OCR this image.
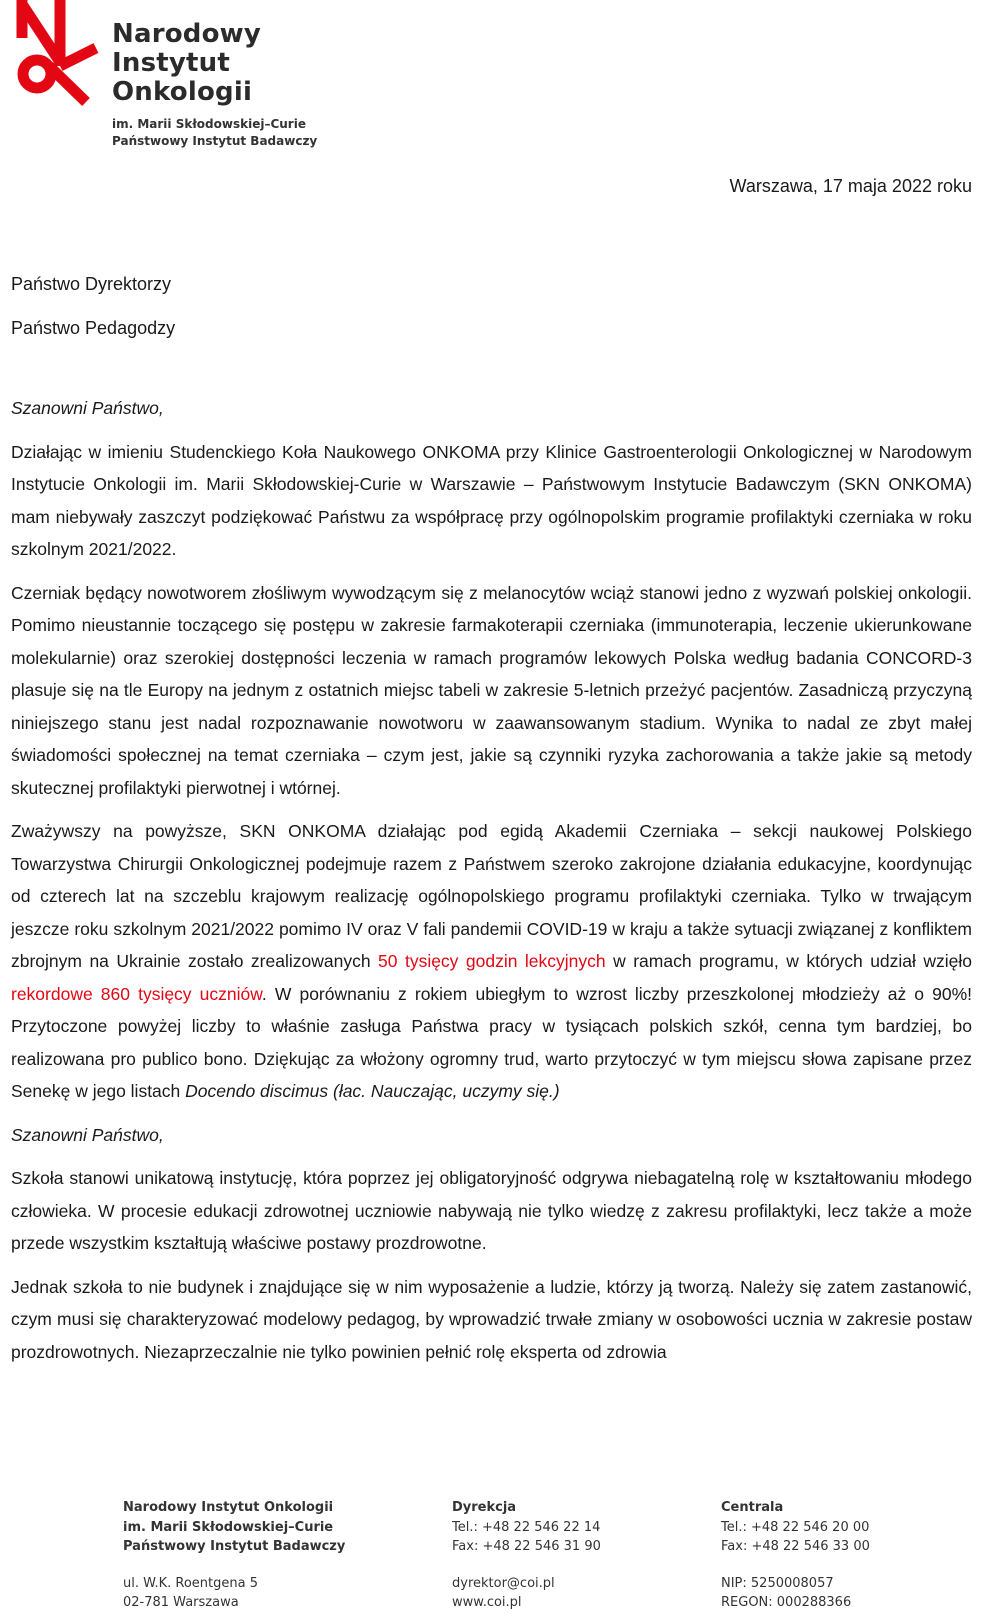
Narodowy
Instytut
Onkologii
im. Marii Skłodowskiej–Curie
Państwowy Instytut Badawczy
Warszawa, 17 maja 2022 roku
Państwo Dyrektorzy
Państwo Pedagodzy

Szanowni Państwo,

Działając w imieniu Studenckiego Koła Naukowego ONKOMA przy Klinice Gastroenterologii Onkologicznej w Narodowym Instytucie Onkologii im. Marii Skłodowskiej-Curie w Warszawie – Państwowym Instytucie Badawczym (SKN ONKOMA) mam niebywały zaszczyt podziękować Państwu za współpracę przy ogólnopolskim programie profilaktyki czerniaka w roku szkolnym 2021/2022.

Czerniak będący nowotworem złośliwym wywodzącym się z melanocytów wciąż stanowi jedno z wyzwań polskiej onkologii. Pomimo nieustannie toczącego się postępu w zakresie farmakoterapii czerniaka (immunoterapia, leczenie ukierunkowane molekularnie) oraz szerokiej dostępności leczenia w ramach programów lekowych Polska według badania CONCORD-3 plasuje się na tle Europy na jednym z ostatnich miejsc tabeli w zakresie 5-letnich przeżyć pacjentów. Zasadniczą przyczyną niniejszego stanu jest nadal rozpoznawanie nowotworu w zaawansowanym stadium. Wynika to nadal ze zbyt małej świadomości społecznej na temat czerniaka – czym jest, jakie są czynniki ryzyka zachorowania a także jakie są metody skutecznej profilaktyki pierwotnej i wtórnej.

Zważywszy na powyższe, SKN ONKOMA działając pod egidą Akademii Czerniaka – sekcji naukowej Polskiego Towarzystwa Chirurgii Onkologicznej podejmuje razem z Państwem szeroko zakrojone działania edukacyjne, koordynując od czterech lat na szczeblu krajowym realizację ogólnopolskiego programu profilaktyki czerniaka. Tylko w trwającym jeszcze roku szkolnym 2021/2022 pomimo IV oraz V fali pandemii COVID-19 w kraju a także sytuacji związanej z konfliktem zbrojnym na Ukrainie zostało zrealizowanych 50 tysięcy godzin lekcyjnych w ramach programu, w których udział wzięło rekordowe 860 tysięcy uczniów. W porównaniu z rokiem ubiegłym to wzrost liczby przeszkolonej młodzieży aż o 90%! Przytoczone powyżej liczby to właśnie zasługa Państwa pracy w tysiącach polskich szkół, cenna tym bardziej, bo realizowana pro publico bono. Dziękując za włożony ogromny trud, warto przytoczyć w tym miejscu słowa zapisane przez Senekę w jego listach Docendo discimus (łac. Nauczając, uczymy się.)

Szanowni Państwo,

Szkoła stanowi unikatową instytucję, która poprzez jej obligatoryjność odgrywa niebagatelną rolę w kształtowaniu młodego człowieka. W procesie edukacji zdrowotnej uczniowie nabywają nie tylko wiedzę z zakresu profilaktyki, lecz także a może przede wszystkim kształtują właściwe postawy prozdrowotne.

Jednak szkoła to nie budynek i znajdujące się w nim wyposażenie a ludzie, którzy ją tworzą. Należy się zatem zastanowić, czym musi się charakteryzować modelowy pedagog, by wprowadzić trwałe zmiany w osobowości ucznia w zakresie postaw prozdrowotnych. Niezaprzeczalnie nie tylko powinien pełnić rolę eksperta od zdrowia

Narodowy Instytut Onkologii
im. Marii Skłodowskiej–Curie
Państwowy Instytut Badawczy
ul. W.K. Roentgena 5
02-781 Warszawa
Dyrekcja
Tel.: +48 22 546 22 14
Fax: +48 22 546 31 90
dyrektor@coi.pl
www.coi.pl
Centrala
Tel.: +48 22 546 20 00
Fax: +48 22 546 33 00
NIP: 5250008057
REGON: 000288366
